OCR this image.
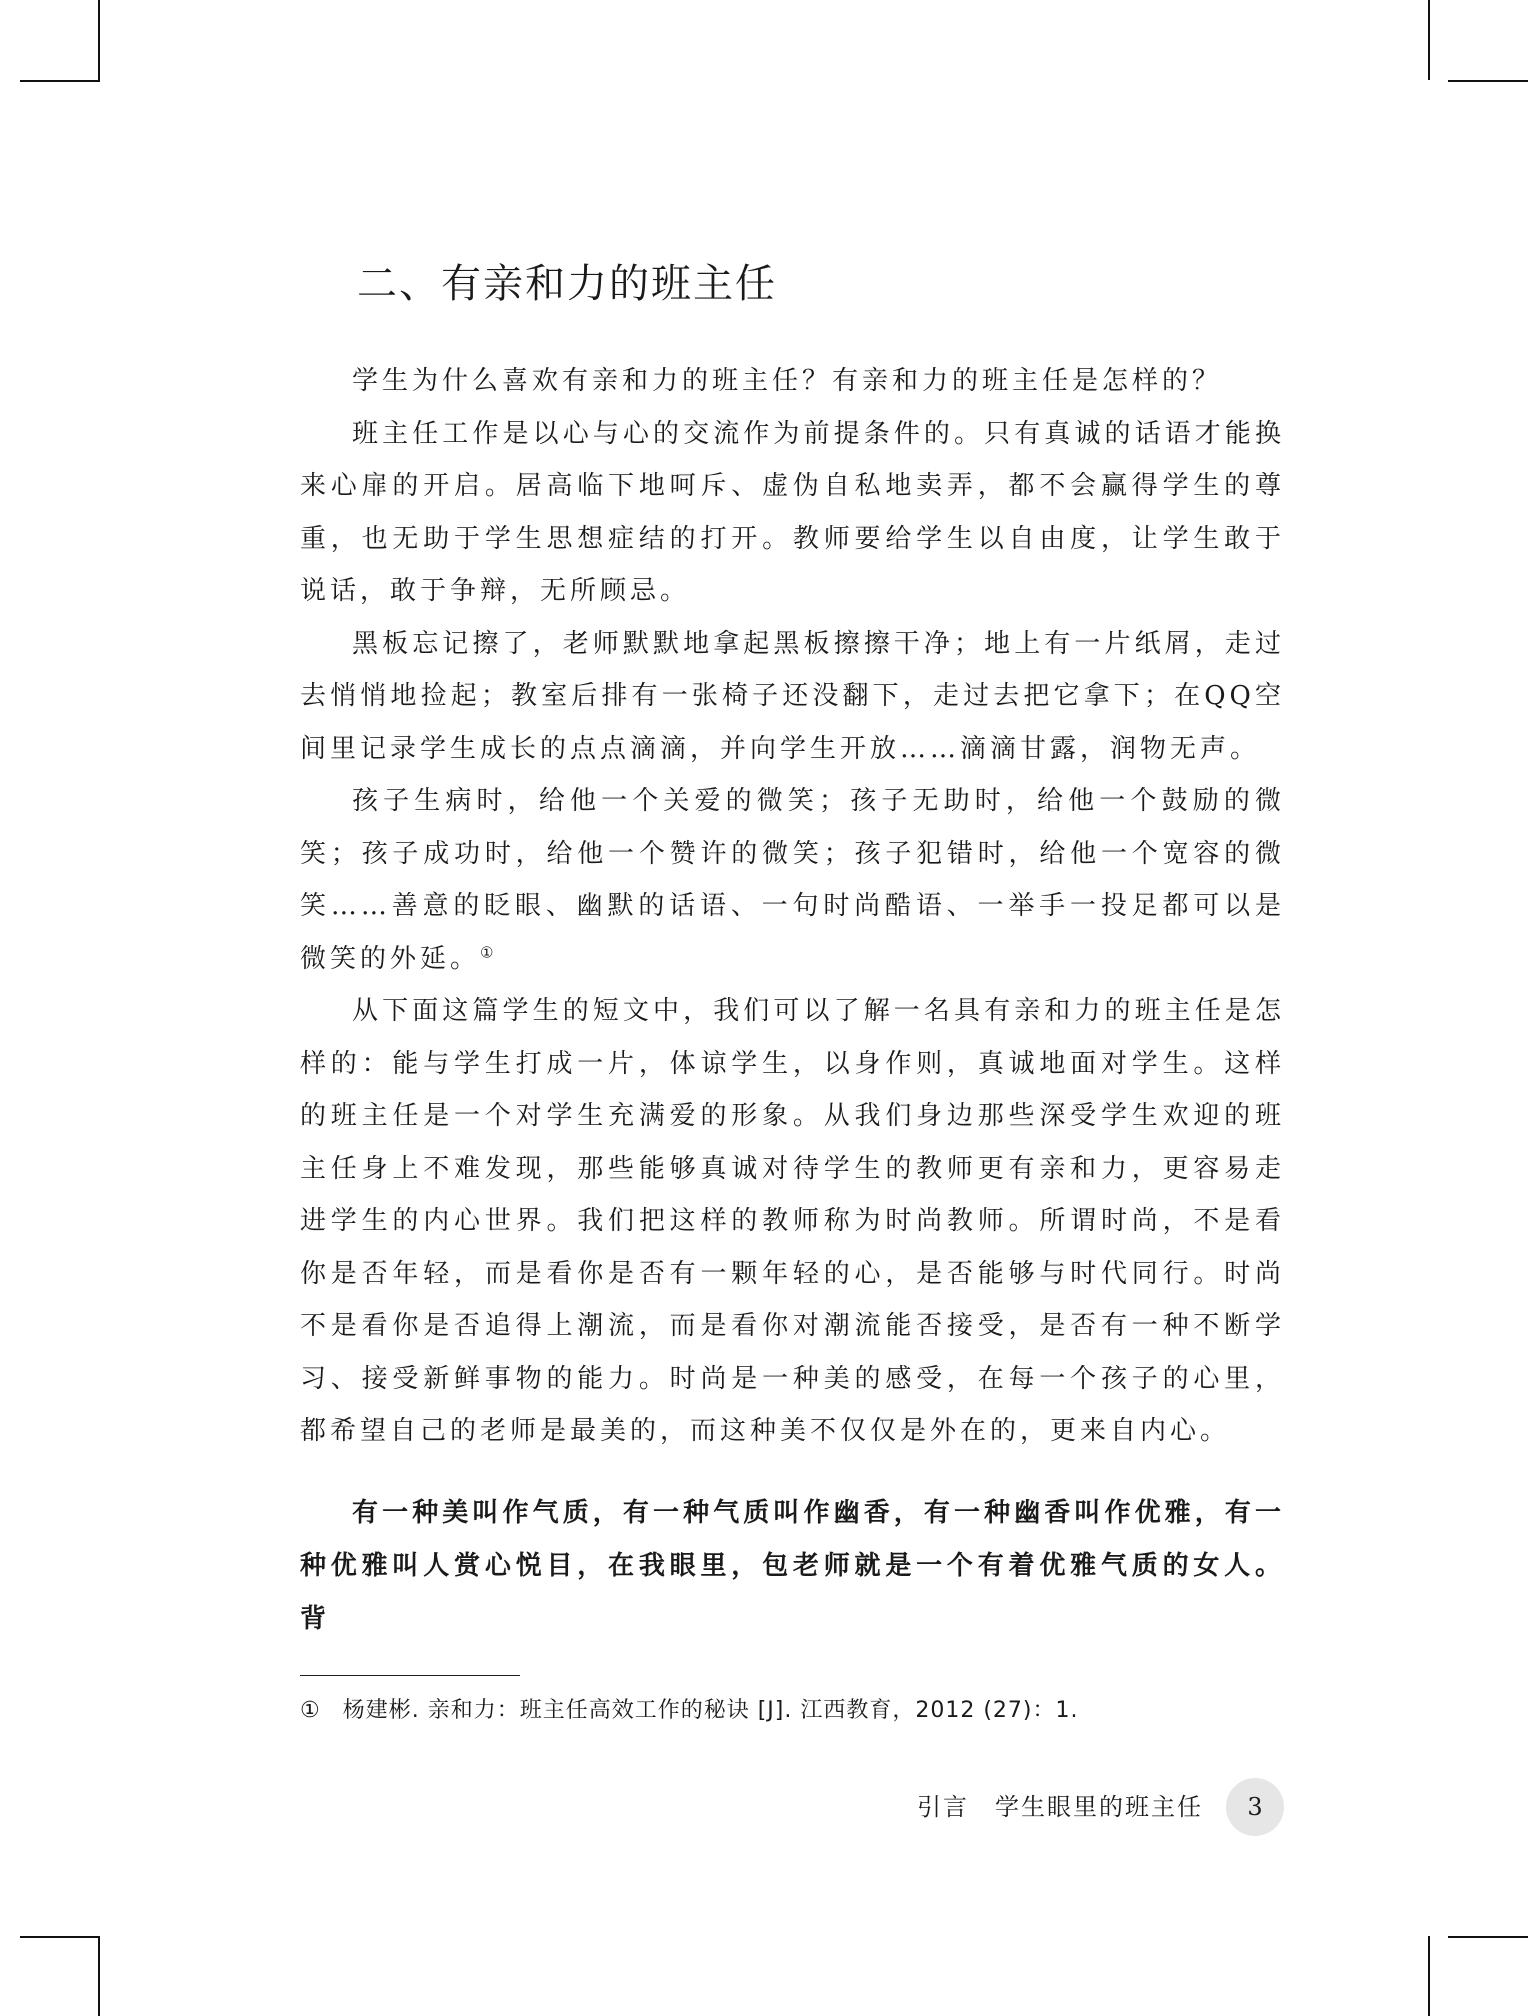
二、有亲和力的班主任

学生为什么喜欢有亲和力的班主任？有亲和力的班主任是怎样的？

班主任工作是以心与心的交流作为前提条件的。只有真诚的话语才能换来心扉的开启。居高临下地呵斥、虚伪自私地卖弄，都不会赢得学生的尊重，也无助于学生思想症结的打开。教师要给学生以自由度，让学生敢于说话，敢于争辩，无所顾忌。

黑板忘记擦了，老师默默地拿起黑板擦擦干净；地上有一片纸屑，走过去悄悄地捡起；教室后排有一张椅子还没翻下，走过去把它拿下；在QQ空间里记录学生成长的点点滴滴，并向学生开放……滴滴甘露，润物无声。

孩子生病时，给他一个关爱的微笑；孩子无助时，给他一个鼓励的微笑；孩子成功时，给他一个赞许的微笑；孩子犯错时，给他一个宽容的微笑……善意的眨眼、幽默的话语、一句时尚酷语、一举手一投足都可以是微笑的外延。①

从下面这篇学生的短文中，我们可以了解一名具有亲和力的班主任是怎样的：能与学生打成一片，体谅学生，以身作则，真诚地面对学生。这样的班主任是一个对学生充满爱的形象。从我们身边那些深受学生欢迎的班主任身上不难发现，那些能够真诚对待学生的教师更有亲和力，更容易走进学生的内心世界。我们把这样的教师称为时尚教师。所谓时尚，不是看你是否年轻，而是看你是否有一颗年轻的心，是否能够与时代同行。时尚不是看你是否追得上潮流，而是看你对潮流能否接受，是否有一种不断学习、接受新鲜事物的能力。时尚是一种美的感受，在每一个孩子的心里，都希望自己的老师是最美的，而这种美不仅仅是外在的，更来自内心。

有一种美叫作气质，有一种气质叫作幽香，有一种幽香叫作优雅，有一种优雅叫人赏心悦目，在我眼里，包老师就是一个有着优雅气质的女人。背

① 杨建彬. 亲和力：班主任高效工作的秘诀 [J]. 江西教育，2012 (27)：1.
引言　学生眼里的班主任	3
